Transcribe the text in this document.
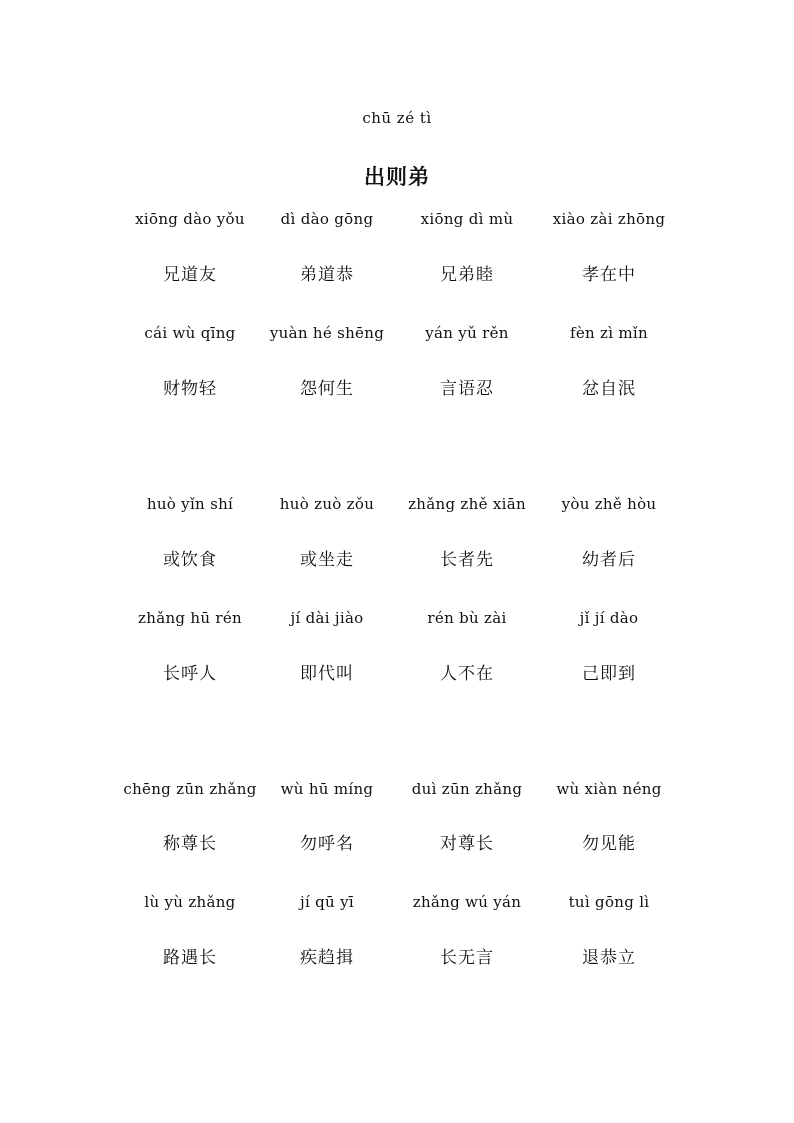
chū zé tì
出则弟
xiōng dào yǒu	dì dào gōng	xiōng dì mù	xiào zài zhōng
兄道友	弟道恭	兄弟睦	孝在中
cái wù qīng	yuàn hé shēng	yán yǔ rěn	fèn zì mǐn
财物轻	怨何生	言语忍	忿自泯
huò yǐn shí	huò zuò zǒu	zhǎng zhě xiān	yòu zhě hòu
或饮食	或坐走	长者先	幼者后
zhǎng hū rén	jí dài jiào	rén bù zài	jǐ jí dào
长呼人	即代叫	人不在	己即到
chēng zūn zhǎng	wù hū míng	duì zūn zhǎng	wù xiàn néng
称尊长	勿呼名	对尊长	勿见能
lù yù zhǎng	jí qū yī	zhǎng wú yán	tuì gōng lì
路遇长	疾趋揖	长无言	退恭立
